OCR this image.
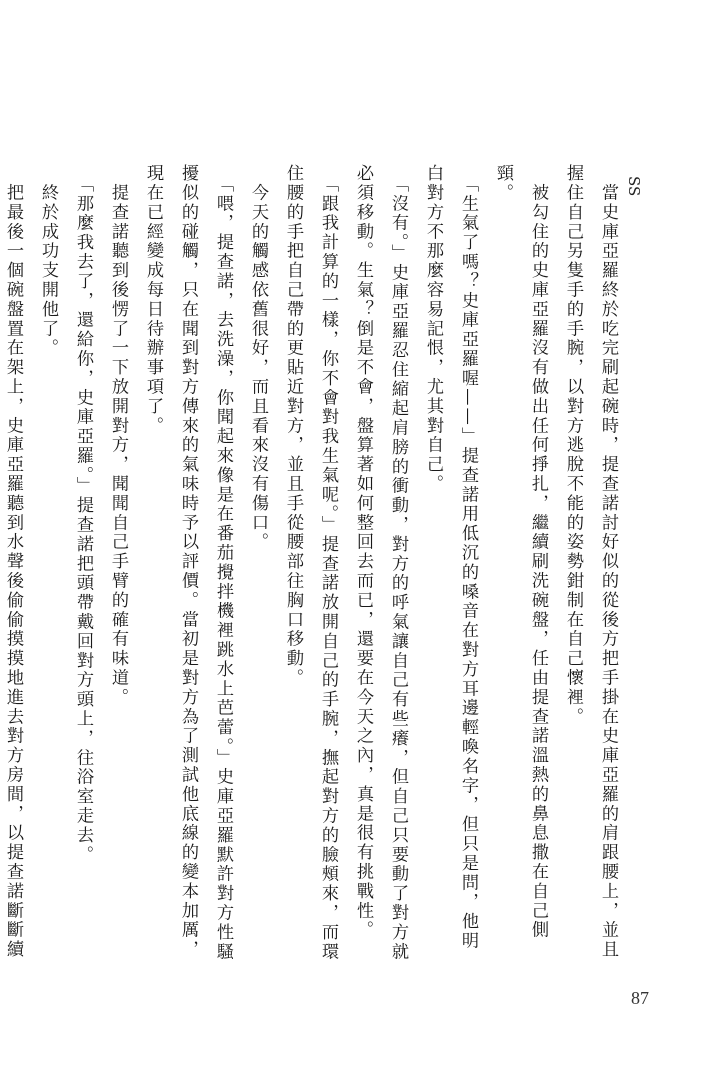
SS

　當史庫亞羅終於吃完刷起碗時，提查諾討好似的從後方把手掛在史庫亞羅的肩跟腰上，並且握住自己另隻手的手腕，以對方逃脫不能的姿勢鉗制在自己懷裡。

　被勾住的史庫亞羅沒有做出任何掙扎，繼續刷洗碗盤，任由提查諾溫熱的鼻息撒在自己側頸。

　「生氣了嗎？史庫亞羅喔——」提查諾用低沉的嗓音在對方耳邊輕喚名字，但只是問，他明白對方不那麼容易記恨，尤其對自己。

　「沒有。」史庫亞羅忍住縮起肩膀的衝動，對方的呼氣讓自己有些癢，但自己只要動了對方就必須移動。生氣？倒是不會，盤算著如何整回去而已，還要在今天之內，真是很有挑戰性。

　「跟我計算的一樣，你不會對我生氣呢。」提查諾放開自己的手腕，撫起對方的臉頰來，而環住腰的手把自己帶的更貼近對方，並且手從腰部往胸口移動。

　今天的觸感依舊很好，而且看來沒有傷口。

　「喂，提查諾，去洗澡，你聞起來像是在番茄攪拌機裡跳水上芭蕾。」史庫亞羅默許對方性騷擾似的碰觸，只在聞到對方傳來的氣味時予以評價。當初是對方為了測試他底線的變本加厲，現在已經變成每日待辦事項了。

　提查諾聽到後愣了一下放開對方，聞聞自己手臂的確有味道。

　「那麼我去了，還給你，史庫亞羅。」提查諾把頭帶戴回對方頭上，往浴室走去。

　終於成功支開他了。

　把最後一個碗盤置在架上，史庫亞羅聽到水聲後偷偷摸摸地進去對方房間，以提查諾斷斷續

87
